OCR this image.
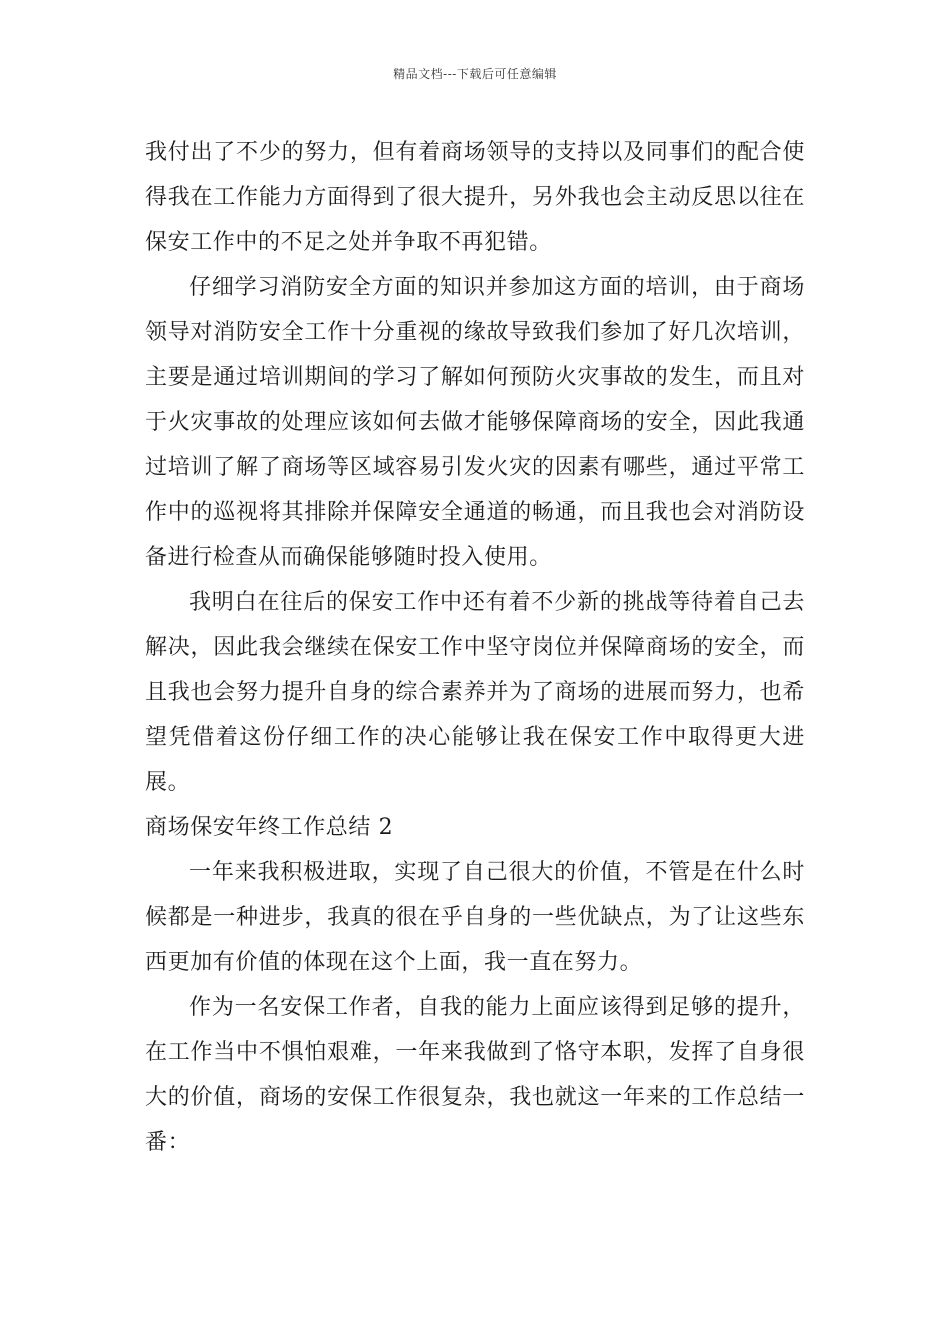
精品文档---下载后可任意编辑

我付出了不少的努力，但有着商场领导的支持以及同事们的配合使得我在工作能力方面得到了很大提升，另外我也会主动反思以往在保安工作中的不足之处并争取不再犯错。

仔细学习消防安全方面的知识并参加这方面的培训，由于商场领导对消防安全工作十分重视的缘故导致我们参加了好几次培训，主要是通过培训期间的学习了解如何预防火灾事故的发生，而且对于火灾事故的处理应该如何去做才能够保障商场的安全，因此我通过培训了解了商场等区域容易引发火灾的因素有哪些，通过平常工作中的巡视将其排除并保障安全通道的畅通，而且我也会对消防设备进行检查从而确保能够随时投入使用。

我明白在往后的保安工作中还有着不少新的挑战等待着自己去解决，因此我会继续在保安工作中坚守岗位并保障商场的安全，而且我也会努力提升自身的综合素养并为了商场的进展而努力，也希望凭借着这份仔细工作的决心能够让我在保安工作中取得更大进展。

商场保安年终工作总结 2

一年来我积极进取，实现了自己很大的价值，不管是在什么时候都是一种进步，我真的很在乎自身的一些优缺点，为了让这些东西更加有价值的体现在这个上面，我一直在努力。

作为一名安保工作者，自我的能力上面应该得到足够的提升，在工作当中不惧怕艰难，一年来我做到了恪守本职，发挥了自身很大的价值，商场的安保工作很复杂，我也就这一年来的工作总结一番：
